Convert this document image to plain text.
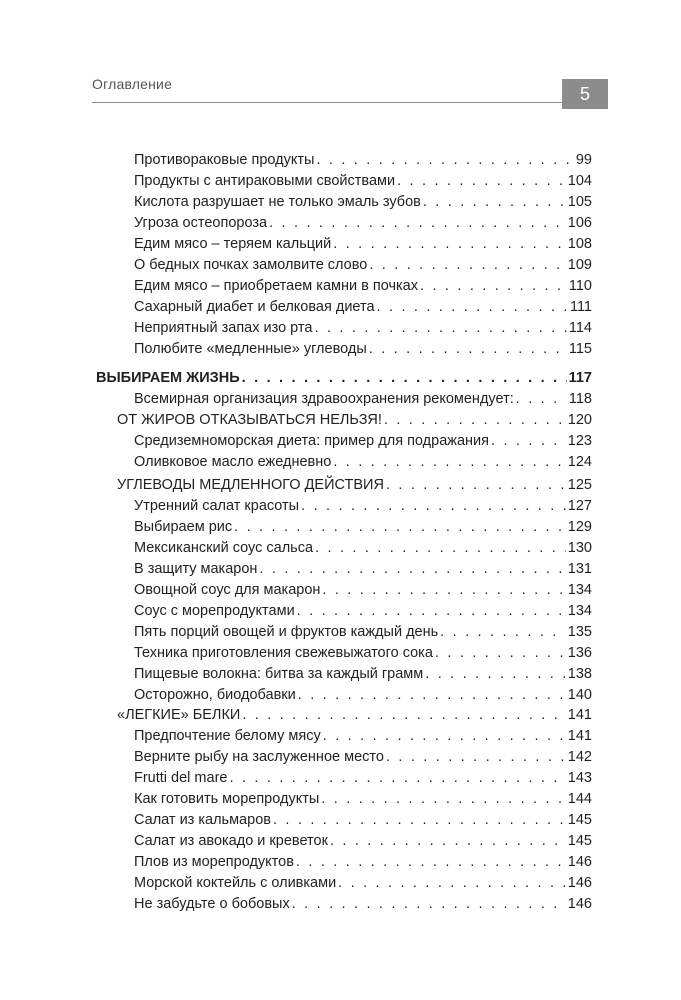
Оглавление	5
Противораковые продукты . . .	99
Продукты с антираковыми свойствами . . .	104
Кислота разрушает не только эмаль зубов . . .	105
Угроза остеопороза . . .	106
Едим мясо – теряем кальций . . .	108
О бедных почках замолвите слово . . .	109
Едим мясо – приобретаем камни в почках . . .	110
Сахарный диабет и белковая диета . . .	111
Неприятный запах изо рта . . .	114
Полюбите «медленные» углеводы . . .	115
ВЫБИРАЕМ ЖИЗНЬ . . .	117
Всемирная организация здравоохранения рекомендует: . . .	118
ОТ ЖИРОВ ОТКАЗЫВАТЬСЯ НЕЛЬЗЯ! . . .	120
Средиземноморская диета: пример для подражания . . .	123
Оливковое масло ежедневно . . .	124
УГЛЕВОДЫ МЕДЛЕННОГО ДЕЙСТВИЯ . . .	125
Утренний салат красоты . . .	127
Выбираем рис . . .	129
Мексиканский соус сальса . . .	130
В защиту макарон . . .	131
Овощной соус для макарон . . .	134
Соус с морепродуктами . . .	134
Пять порций овощей и фруктов каждый день . . .	135
Техника приготовления свежевыжатого сока . . .	136
Пищевые волокна: битва за каждый грамм . . .	138
Осторожно, биодобавки . . .	140
«ЛЕГКИЕ» БЕЛКИ . . .	141
Предпочтение белому мясу . . .	141
Верните рыбу на заслуженное место . . .	142
Frutti del mare . . .	143
Как готовить морепродукты . . .	144
Салат из кальмаров . . .	145
Салат из авокадо и креветок . . .	145
Плов из морепродуктов . . .	146
Морской коктейль с оливками . . .	146
Не забудьте о бобовых . . .	146
